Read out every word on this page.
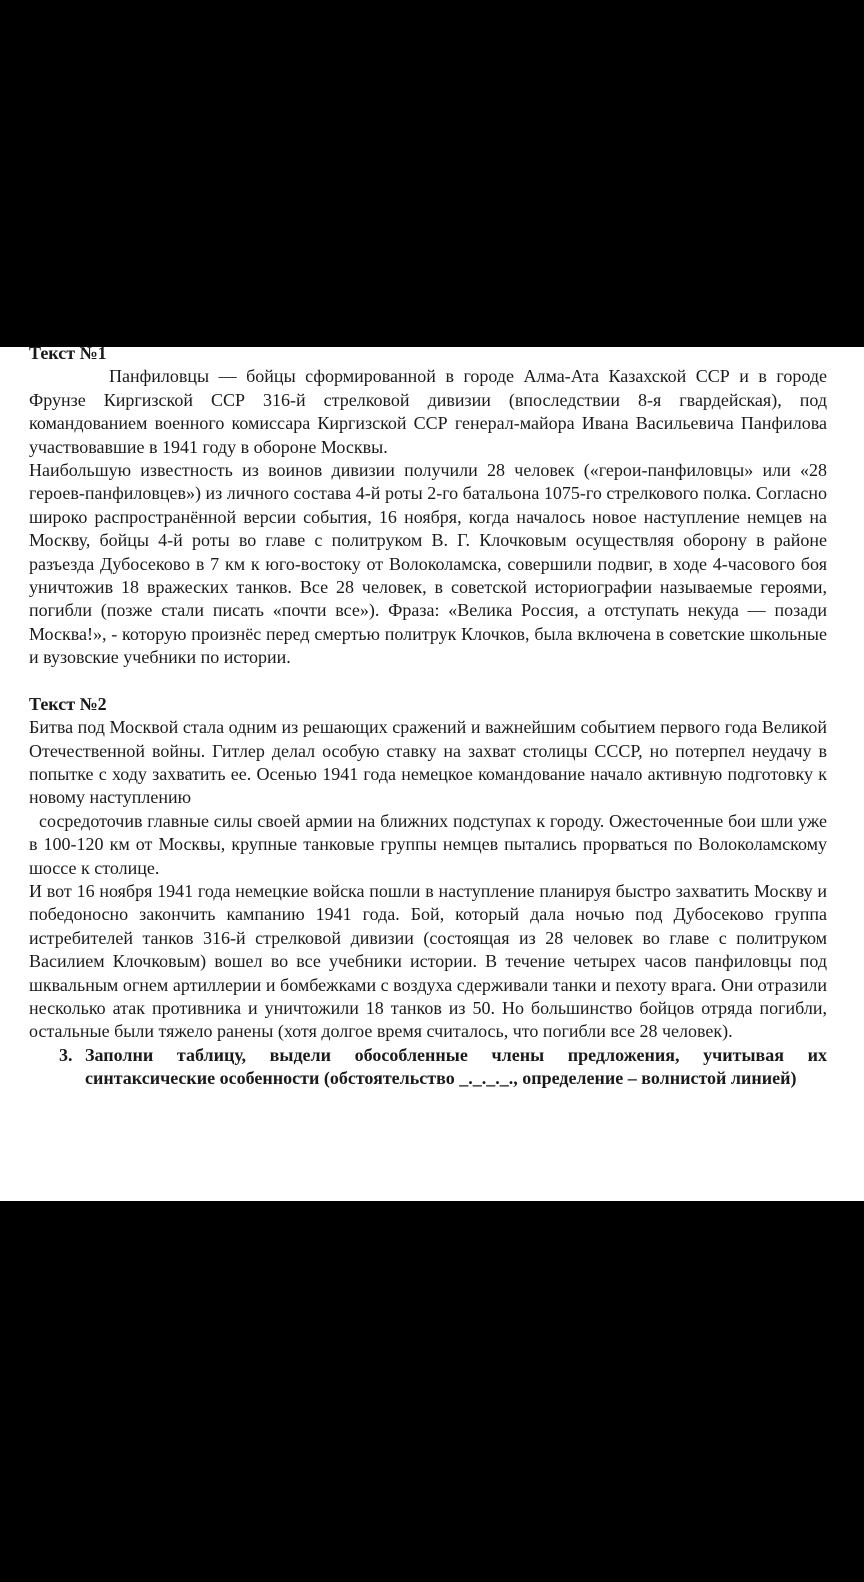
Текст №1

Панфиловцы — бойцы сформированной в городе Алма-Ата Казахской ССР и в городе Фрунзе Киргизской ССР 316-й стрелковой дивизии (впоследствии 8-я гвардейская), под командованием военного комиссара Киргизской ССР генерал-майора Ивана Васильевича Панфилова участвовавшие в 1941 году в обороне Москвы.

Наибольшую известность из воинов дивизии получили 28 человек («герои-панфиловцы» или «28 героев-панфиловцев») из личного состава 4-й роты 2-го батальона 1075-го стрелкового полка. Согласно широко распространённой версии события, 16 ноября, когда началось новое наступление немцев на Москву, бойцы 4-й роты во главе с политруком В. Г. Клочковым осуществляя оборону в районе разъезда Дубосеково в 7 км к юго-востоку от Волоколамска, совершили подвиг, в ходе 4-часового боя уничтожив 18 вражеских танков. Все 28 человек, в советской историографии называемые героями, погибли (позже стали писать «почти все»). Фраза: «Велика Россия, а отступать некуда — позади Москва!», - которую произнёс перед смертью политрук Клочков, была включена в советские школьные и вузовские учебники по истории.

Текст №2

Битва под Москвой стала одним из решающих сражений и важнейшим событием первого года Великой Отечественной войны. Гитлер делал особую ставку на захват столицы СССР, но потерпел неудачу в попытке с ходу захватить ее. Осенью 1941 года немецкое командование начало активную подготовку к новому наступлению

сосредоточив главные силы своей армии на ближних подступах к городу. Ожесточенные бои шли уже в 100-120 км от Москвы, крупные танковые группы немцев пытались прорваться по Волоколамскому шоссе к столице.

И вот 16 ноября 1941 года немецкие войска пошли в наступление планируя быстро захватить Москву и победоносно закончить кампанию 1941 года. Бой, который дала ночью под Дубосеково группа истребителей танков 316-й стрелковой дивизии (состоящая из 28 человек во главе с политруком Василием Клочковым) вошел во все учебники истории. В течение четырех часов панфиловцы под шквальным огнем артиллерии и бомбежками с воздуха сдерживали танки и пехоту врага. Они отразили несколько атак противника и уничтожили 18 танков из 50. Но большинство бойцов отряда погибли, остальные были тяжело ранены (хотя долгое время считалось, что погибли все 28 человек).

3. Заполни таблицу, выдели обособленные члены предложения, учитывая их синтаксические особенности (обстоятельство _._._._., определение – волнистой линией)
